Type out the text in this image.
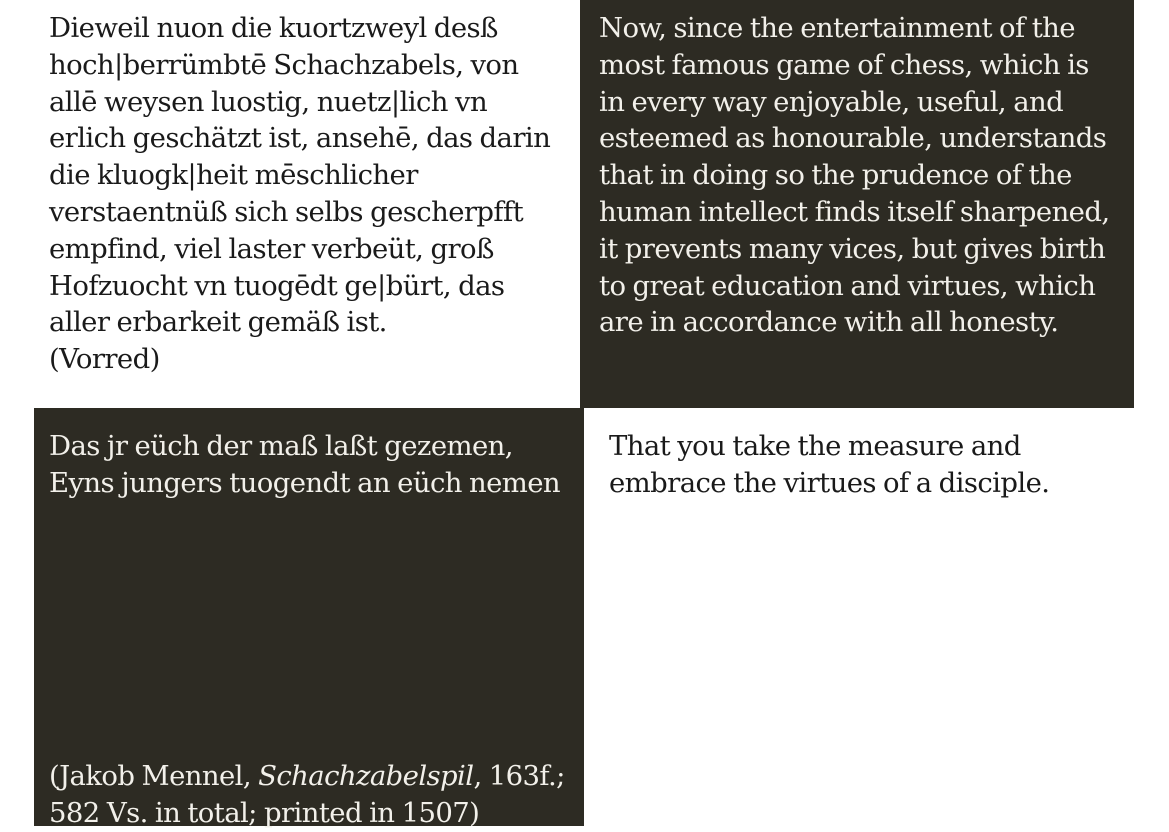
Dieweil nuon die kuortzweyl desß
hoch|berrümbtē Schachzabels, von
allē weysen luostig, nuetz|lich vn
erlich geschätzt ist, ansehē, das darin
die kluogk|heit mēschlicher
verstaentnüß sich selbs gescherpfft
empfind, viel laster verbeüt, groß
Hofzuocht vn tuogēdt ge|bürt, das
aller erbarkeit gemäß ist.
(Vorred)
Now, since the entertainment of the
most famous game of chess, which is
in every way enjoyable, useful, and
esteemed as honourable, understands
that in doing so the prudence of the
human intellect finds itself sharpened,
it prevents many vices, but gives birth
to great education and virtues, which
are in accordance with all honesty.
Das jr eüch der maß laßt gezemen,
Eyns jungers tuogendt an eüch nemen
(Jakob Mennel, Schachzabelspil, 163f.;
582 Vs. in total; printed in 1507)
That you take the measure and
embrace the virtues of a disciple.
